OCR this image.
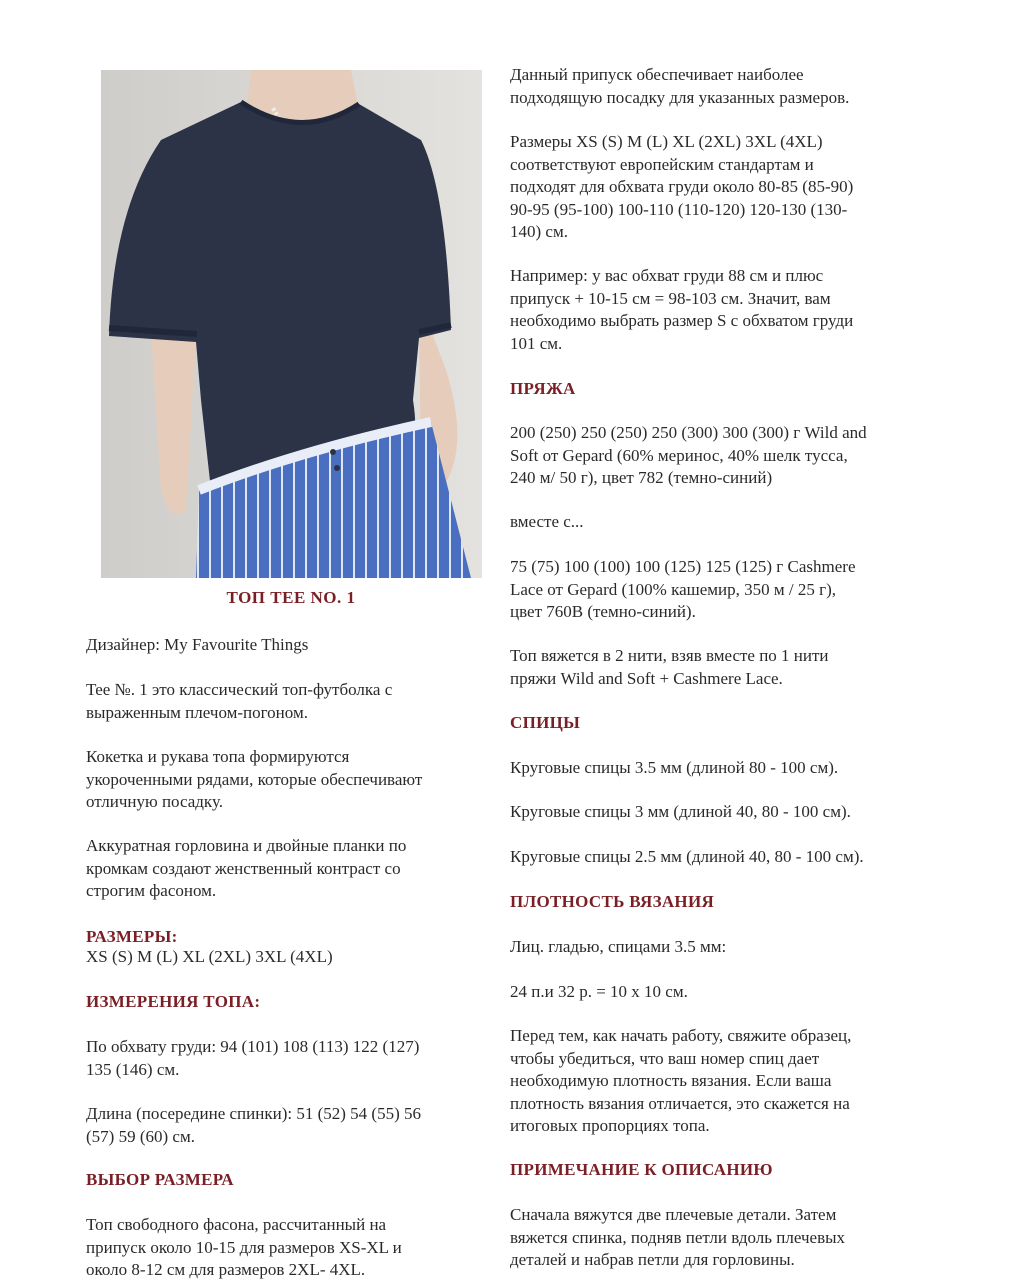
ТОП TEE NO. 1

Дизайнер: My Favourite Things

Tee №. 1 это классический топ-футболка с
выраженным плечом-погоном.

Кокетка и рукава топа формируются
укороченными рядами, которые обеспечивают
отличную посадку.

Аккуратная горловина и двойные планки по
кромкам создают женственный контраст со
строгим фасоном.

РАЗМЕРЫ:

XS (S) M (L) XL (2XL) 3XL (4XL)

ИЗМЕРЕНИЯ ТОПА:

По обхвату груди: 94 (101) 108 (113) 122 (127)
135 (146) см.

Длина (посередине спинки): 51 (52) 54 (55) 56
(57) 59 (60) см.

ВЫБОР РАЗМЕРА

Топ свободного фасона, рассчитанный на
припуск около 10-15 для размеров XS-XL и
около 8-12 см для размеров 2XL- 4XL.

Данный припуск обеспечивает наиболее
подходящую посадку для указанных размеров.

Размеры XS (S) M (L) XL (2XL) 3XL (4XL)
соответствуют европейским стандартам и
подходят для обхвата груди около 80-85 (85-90)
90-95 (95-100) 100-110 (110-120) 120-130 (130-
140) см.

Например: у вас обхват груди 88 см и плюс
припуск + 10-15 см = 98-103 см. Значит, вам
необходимо выбрать размер S с обхватом груди
101 см.

ПРЯЖА

200 (250) 250 (250) 250 (300) 300 (300) г Wild and
Soft от Gepard (60% меринос, 40% шелк тусса,
240 м/ 50 г), цвет 782 (темно-синий)

вместе с...

75 (75) 100 (100) 100 (125) 125 (125) г Cashmere
Lace от Gepard (100% кашемир, 350 м / 25 г),
цвет 760B (темно-синий).

Топ вяжется в 2 нити, взяв вместе по 1 нити
пряжи Wild and Soft + Cashmere Lace.

СПИЦЫ

Круговые спицы 3.5 мм (длиной 80 - 100 см).

Круговые спицы 3 мм (длиной 40, 80 - 100 см).

Круговые спицы 2.5 мм (длиной 40, 80 - 100 см).

ПЛОТНОСТЬ ВЯЗАНИЯ

Лиц. гладью, спицами 3.5 мм:

24 п.и 32 р. = 10 х 10 см.

Перед тем, как начать работу, свяжите образец,
чтобы убедиться, что ваш номер спиц дает
необходимую плотность вязания. Если ваша
плотность вязания отличается, это скажется на
итоговых пропорциях топа.

ПРИМЕЧАНИЕ К ОПИСАНИЮ

Сначала вяжутся две плечевые детали. Затем
вяжется спинка, подняв петли вдоль плечевых
деталей и набрав петли для горловины.
